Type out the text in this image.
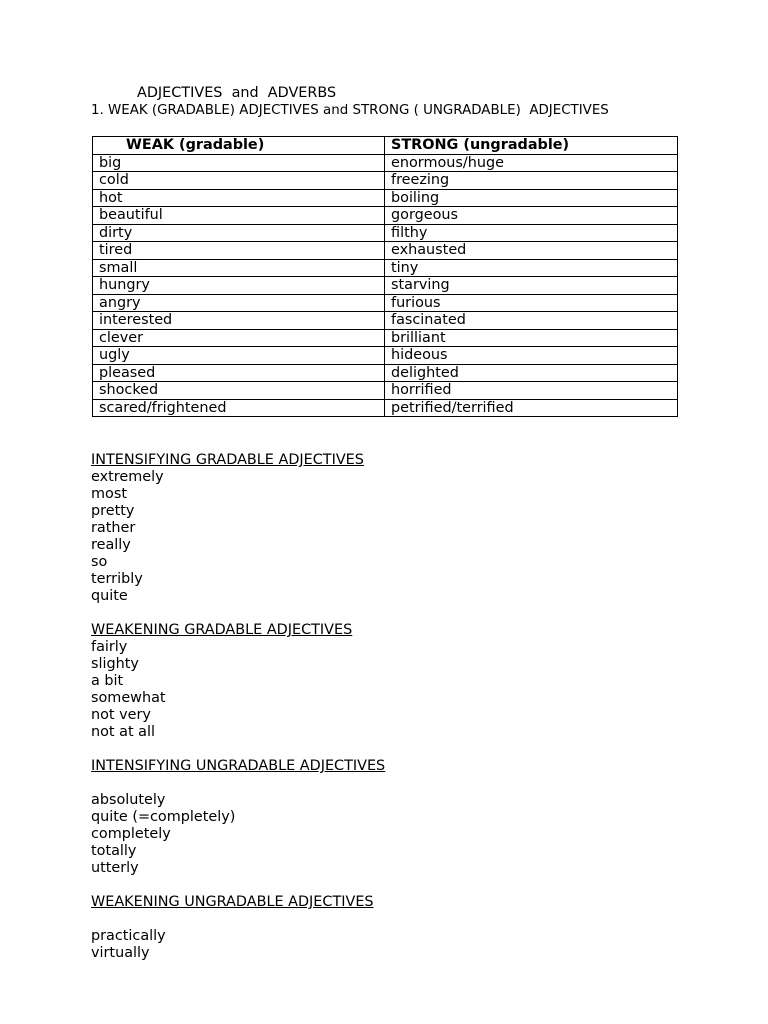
ADJECTIVES  and  ADVERBS
1. WEAK (GRADABLE) ADJECTIVES and STRONG ( UNGRADABLE)  ADJECTIVES
WEAK (gradable)	STRONG (ungradable)
big	enormous/huge
cold	freezing
hot	boiling
beautiful	gorgeous
dirty	filthy
tired	exhausted
small	tiny
hungry	starving
angry	furious
interested	fascinated
clever	brilliant
ugly	hideous
pleased	delighted
shocked	horrified
scared/frightened	petrified/terrified
INTENSIFYING GRADABLE ADJECTIVES
extremely
most
pretty
rather
really
so
terribly
quite
WEAKENING GRADABLE ADJECTIVES
fairly
slighty
a bit
somewhat
not very
not at all
INTENSIFYING UNGRADABLE ADJECTIVES
absolutely
quite (=completely)
completely
totally
utterly
WEAKENING UNGRADABLE ADJECTIVES
practically
virtually
